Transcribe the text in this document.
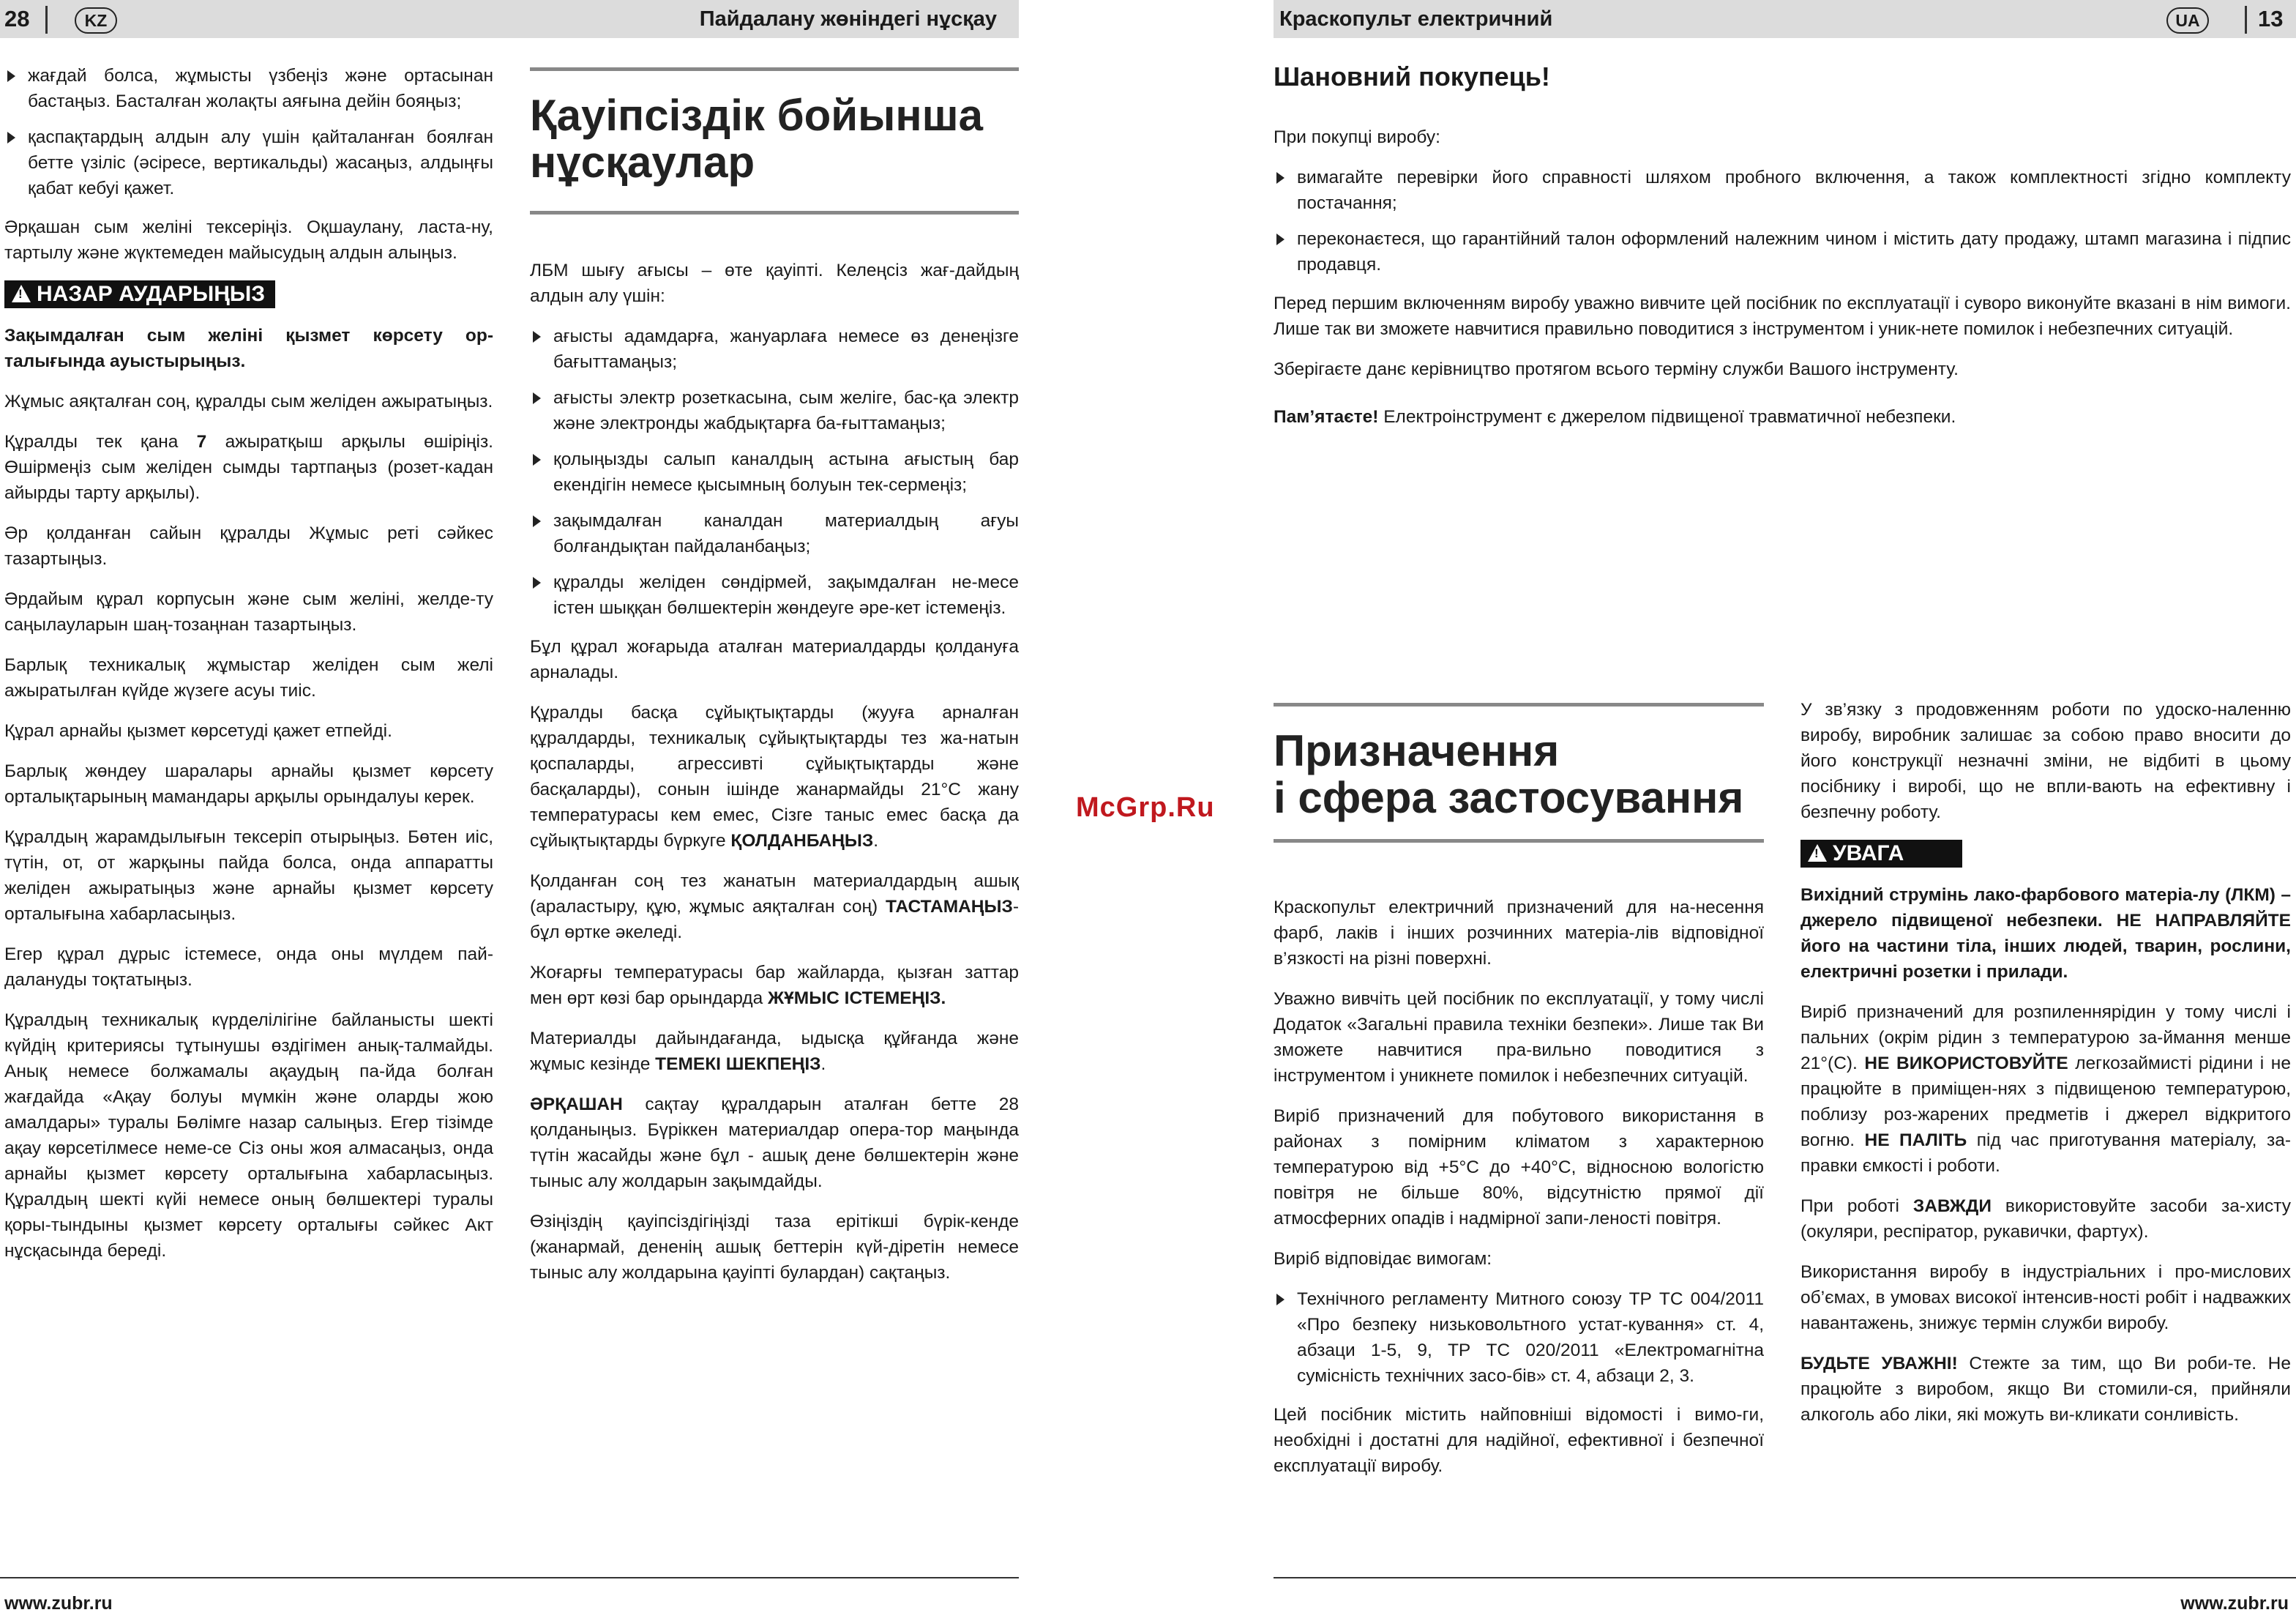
28	KZ	Пайдалану жөніндегі нұсқау	Краскопульт електричний	UA	13
жағдай болса, жұмысты үзбеңіз және ортасынан бастаңыз. Басталған жолақты аяғына дейін бояңыз;
қаспақтардың алдын алу үшін қайталанған боялған бетте үзіліс (әсіресе, вертикальды) жасаңыз, алдыңғы қабат кебуі қажет.

Әрқашан сым желіні тексеріңіз. Оқшаулану, ласта-ну, тартылу және жүктемеден майысудың алдын алыңыз.

!НАЗАР АУДАРЫҢЫЗ

Зақымдалған сым желіні қызмет көрсету ор-талығында ауыстырыңыз.

Жұмыс аяқталған соң, құралды сым желіден ажыратыңыз.

Құралды тек қана 7 ажыратқыш арқылы өшіріңіз. Өшірмеңіз сым желіден сымды тартпаңыз (розет-кадан айырды тарту арқылы).

Әр қолданған сайын құралды Жұмыс реті сәйкес тазартыңыз.

Әрдайым құрал корпусын және сым желіні, желде-ту саңылауларын шаң-тозаңнан тазартыңыз.

Барлық техникалық жұмыстар желіден сым желі ажыратылған күйде жүзеге асуы тиіс.

Құрал арнайы қызмет көрсетуді қажет етпейді.

Барлық жөндеу шаралары арнайы қызмет көрсету орталықтарының мамандары арқылы орындалуы керек.

Құралдың жарамдылығын тексеріп отырыңыз. Бөтен иіс, түтін, от, от жарқыны пайда болса, онда аппаратты желіден ажыратыңыз және арнайы қызмет көрсету орталығына хабарласыңыз.

Егер құрал дұрыс істемесе, онда оны мүлдем пай-далануды тоқтатыңыз.

Құралдың техникалық күрделілігіне байланысты шекті күйдің критериясы тұтынушы өздігімен анық-талмайды. Анық немесе болжамалы ақаудың па-йда болған жағдайда «Ақау болуы мүмкін және оларды жою амалдары» туралы Бөлімге назар салыңыз. Егер тізімде ақау көрсетілмесе неме-се Сіз оны жоя алмасаңыз, онда арнайы қызмет көрсету орталығына хабарласыңыз. Құралдың шекті күйі немесе оның бөлшектері туралы қоры-тындыны қызмет көрсету орталығы сәйкес Акт нұсқасында береді.

Қауіпсіздік бойынша
нұсқаулар

ЛБМ шығу ағысы – өте қауіпті. Келеңсіз жағ-дайдың алдын алу үшін:

ағысты адамдарға, жануарлаға немесе өз денеңізге бағыттамаңыз;
ағысты электр розеткасына, сым желіге, бас-қа электр және электронды жабдықтарға ба-ғыттамаңыз;
қолыңызды салып каналдың астына ағыстың бар екендігін немесе қысымның болуын тек-сермеңіз;
зақымдалған каналдан материалдың ағуы болғандықтан пайдаланбаңыз;
құралды желіден сөндірмей, зақымдалған не-месе істен шыққан бөлшектерін жөндеуге әре-кет істемеңіз.

Бұл құрал жоғарыда аталған материалдарды қолдануға арналады.

Құралды басқа сұйықтықтарды (жууға арналған құралдарды, техникалық сұйықтықтарды тез жа-натын қоспаларды, агрессивті сұйықтықтарды және басқаларды), сонын ішінде жанармайды 21°С жану температурасы кем емес, Сізге таныс емес басқа да сұйықтықтарды бүркуге ҚОЛДАНБАҢЫЗ.

Қолданған соң тез жанатын материалдардың ашық (араластыру, құю, жұмыс аяқталған соң) ТАСТАМАҢЫЗ-бұл өртке әкеледі.

Жоғарғы температурасы бар жайларда, қызған заттар мен өрт көзі бар орындарда ЖҰМЫС ІСТЕМЕҢІЗ.

Материалды дайындағанда, ыдысқа құйғанда және жұмыс кезінде ТЕМЕКІ ШЕКПЕҢІЗ.

ӘРҚАШАН сақтау құралдарын аталған бетте 28 қолданыңыз. Бүріккен материалдар опера-тор маңында түтін жасайды және бұл - ашық дене бөлшектерін және тыныс алу жолдарын зақымдайды.

Өзіңіздің қауіпсіздігіңізді таза ерітікші бүрік-кенде (жанармай, дененің ашық беттерін күй-діретін немесе тыныс алу жолдарына қауіпті булардан) сақтаңыз.

www.zubr.ru
McGrp.Ru
Шановний покупець!

При покупці виробу:

вимагайте перевірки його справності шляхом пробного включення, а також комплектності згідно комплекту постачання;
переконаєтеся, що гарантійний талон оформлений належним чином і містить дату продажу, штамп магазина і підпис продавця.

Перед першим включенням виробу уважно вивчите цей посібник по експлуатації і суворо виконуйте вказані в нім вимоги. Лише так ви зможете навчитися правильно поводитися з інструментом і уник-нете помилок і небезпечних ситуацій.

Зберігаєте данє керівництво протягом всього терміну служби Вашого інструменту.

Пам’ятаєте! Електроінструмент є джерелом підвищеної травматичної небезпеки.

Призначення
і сфера застосування

Краскопульт електричний призначений для на-несення фарб, лаків і інших розчинних матеріа-лів відповідної в’язкості на різні поверхні.

Уважно вивчіть цей посібник по експлуатації, у тому числі Додаток «Загальні правила техніки безпеки». Лише так Ви зможете навчитися пра-вильно поводитися з інструментом і уникнете помилок і небезпечних ситуацій.

Виріб призначений для побутового використання в районах з помірним кліматом з характерною температурою від +5°С до +40°С, відносною вологістю повітря не більше 80%, відсутністю прямої дії атмосферних опадів і надмірної запи-леності повітря.

Виріб відповідає вимогам:

Технічного регламенту Митного союзу ТР ТС 004/2011 «Про безпеку низьковольтного устат-кування» ст. 4, абзаци 1-5, 9, ТР ТС 020/2011 «Електромагнітна сумісність технічних засо-бів» ст. 4, абзаци 2, 3.

Цей посібник містить найповніші відомості і вимо-ги, необхідні і достатні для надійної, ефективної і безпечної експлуатації виробу.

У зв’язку з продовженням роботи по удоско-наленню виробу, виробник залишає за собою право вносити до його конструкції незначні зміни, не відбиті в цьому посібнику і виробі, що не впли-вають на ефективну і безпечну роботу.

!УВАГА

Вихідний струмінь лако-фарбового матеріа-лу (ЛКМ) – джерело підвищеної небезпеки. НЕ НАПРАВЛЯЙТЕ його на частини тіла, інших людей, тварин, рослини, електричні розетки і прилади.

Виріб призначений для розпиленнярідин у тому числі і пальних (окрім рідин з температурою за-ймання менше 21°(С). НЕ ВИКОРИСТОВУЙТЕ легкозаймисті рідини і не працюйте в приміщен-нях з підвищеною температурою, поблизу роз-жарених предметів і джерел відкритого вогню. НЕ ПАЛІТЬ під час приготування матеріалу, за-правки ємкості і роботи.

При роботі ЗАВЖДИ використовуйте засоби за-хисту (окуляри, респіратор, рукавички, фартух).

Використання виробу в індустріальних і про-мислових об’ємах, в умовах високої інтенсив-ності робіт і надважких навантажень, знижує термін служби виробу.

БУДЬТЕ УВАЖНІ! Стежте за тим, що Ви роби-те. Не працюйте з виробом, якщо Ви стомили-ся, прийняли алкоголь або ліки, які можуть ви-кликати сонливість.

www.zubr.ru
